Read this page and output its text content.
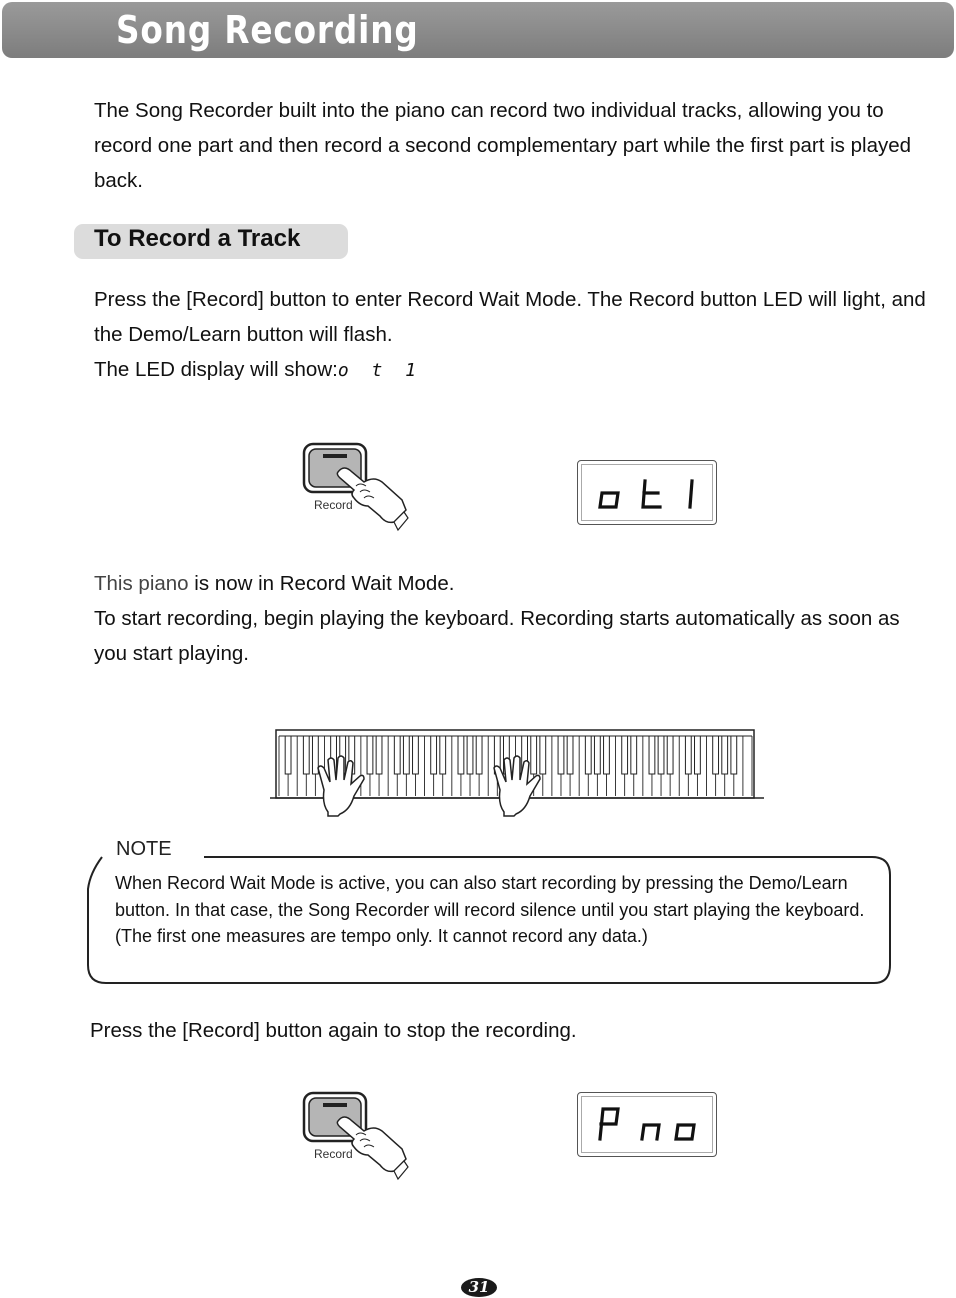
Song Recording

The Song Recorder built into the piano can record two individual tracks, allowing you to record one part and then record a second complementary part while the first part is played back.

To Record a Track
Press the [Record] button to enter Record Wait Mode. The Record button LED will light, and the Demo/Learn button will flash.
The LED display will show:o t 1
Record
This piano is now in Record Wait Mode.
To start recording, begin playing the keyboard. Recording starts automatically as soon as you start playing.
NOTE

When Record Wait Mode is active, you can also start recording by pressing the Demo/Learn button. In that case, the Song Recorder will record silence until you start playing the keyboard.(The first one measures are tempo only. It cannot record any data.)

Press the [Record] button again to stop the recording.

Record
31
